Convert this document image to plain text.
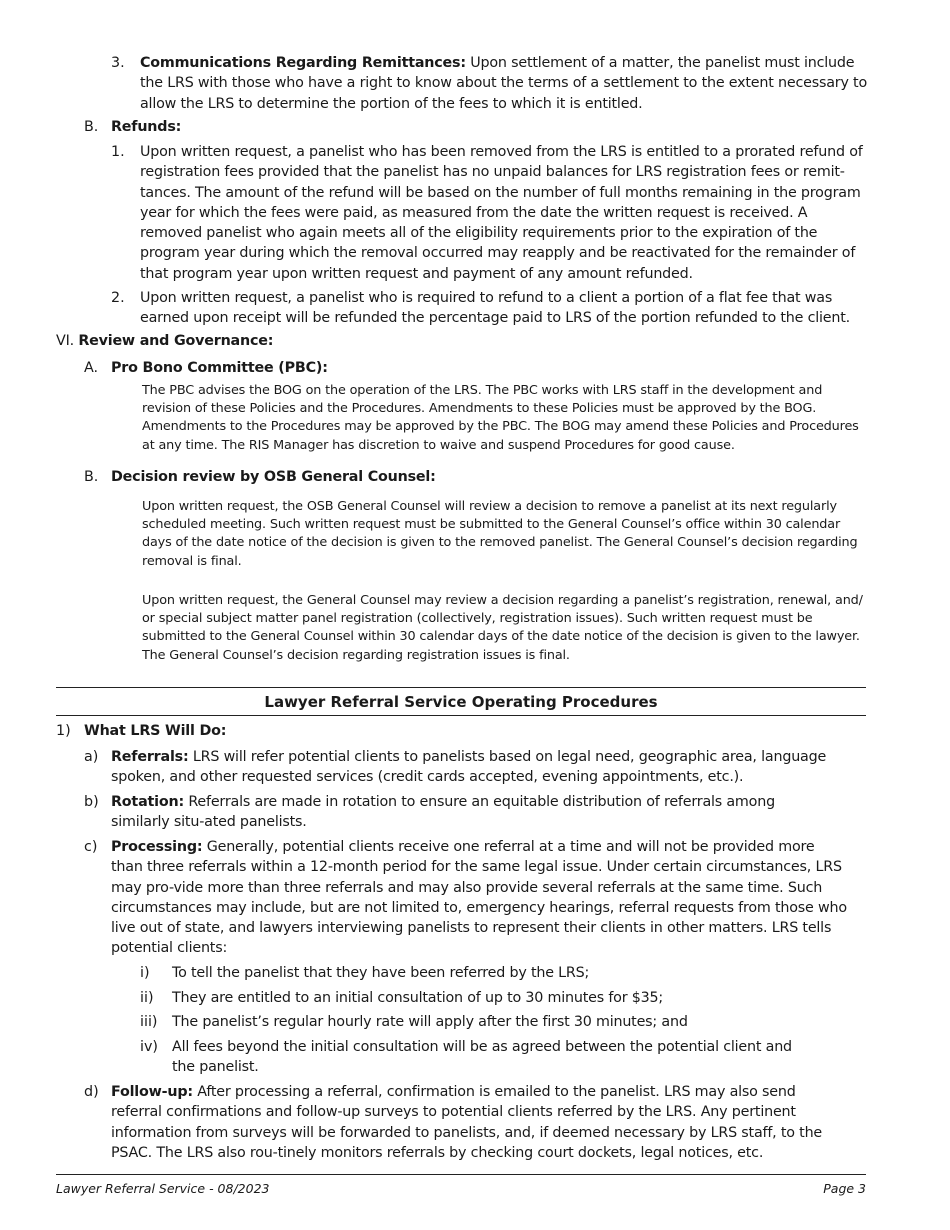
3. Communications Regarding Remittances: Upon settlement of a matter, the panelist must include the LRS with those who have a right to know about the terms of a settlement to the extent necessary to allow the LRS to determine the portion of the fees to which it is entitled.
B. Refunds:
1. Upon written request, a panelist who has been removed from the LRS is entitled to a prorated refund of registration fees provided that the panelist has no unpaid balances for LRS registration fees or remit-tances. The amount of the refund will be based on the number of full months remaining in the program year for which the fees were paid, as measured from the date the written request is received. A removed panelist who again meets all of the eligibility requirements prior to the expiration of the program year during which the removal occurred may reapply and be reactivated for the remainder of that program year upon written request and payment of any amount refunded.
2. Upon written request, a panelist who is required to refund to a client a portion of a flat fee that was earned upon receipt will be refunded the percentage paid to LRS of the portion refunded to the client.
VI. Review and Governance:
A. Pro Bono Committee (PBC):
The PBC advises the BOG on the operation of the LRS. The PBC works with LRS staff in the development and revision of these Policies and the Procedures. Amendments to these Policies must be approved by the BOG. Amendments to the Procedures may be approved by the PBC. The BOG may amend these Policies and Procedures at any time. The RIS Manager has discretion to waive and suspend Procedures for good cause.
B. Decision review by OSB General Counsel:
Upon written request, the OSB General Counsel will review a decision to remove a panelist at its next regularly scheduled meeting. Such written request must be submitted to the General Counsel’s office within 30 calendar days of the date notice of the decision is given to the removed panelist. The General Counsel’s decision regarding removal is final.
Upon written request, the General Counsel may review a decision regarding a panelist’s registration, renewal, and/ or special subject matter panel registration (collectively, registration issues). Such written request must be submitted to the General Counsel within 30 calendar days of the date notice of the decision is given to the lawyer. The General Counsel’s decision regarding registration issues is final.
Lawyer Referral Service Operating Procedures
1) What LRS Will Do:
a) Referrals: LRS will refer potential clients to panelists based on legal need, geographic area, language spoken, and other requested services (credit cards accepted, evening appointments, etc.).
b) Rotation: Referrals are made in rotation to ensure an equitable distribution of referrals among similarly situ-ated panelists.
c) Processing: Generally, potential clients receive one referral at a time and will not be provided more than three referrals within a 12-month period for the same legal issue. Under certain circumstances, LRS may pro-vide more than three referrals and may also provide several referrals at the same time. Such circumstances may include, but are not limited to, emergency hearings, referral requests from those who live out of state, and lawyers interviewing panelists to represent their clients in other matters. LRS tells potential clients:
i) To tell the panelist that they have been referred by the LRS;
ii) They are entitled to an initial consultation of up to 30 minutes for $35;
iii) The panelist’s regular hourly rate will apply after the first 30 minutes; and
iv) All fees beyond the initial consultation will be as agreed between the potential client and the panelist.
d) Follow-up: After processing a referral, confirmation is emailed to the panelist. LRS may also send referral confirmations and follow-up surveys to potential clients referred by the LRS. Any pertinent information from surveys will be forwarded to panelists, and, if deemed necessary by LRS staff, to the PSAC. The LRS also rou-tinely monitors referrals by checking court dockets, legal notices, etc.
Lawyer Referral Service - 08/2023	Page 3
